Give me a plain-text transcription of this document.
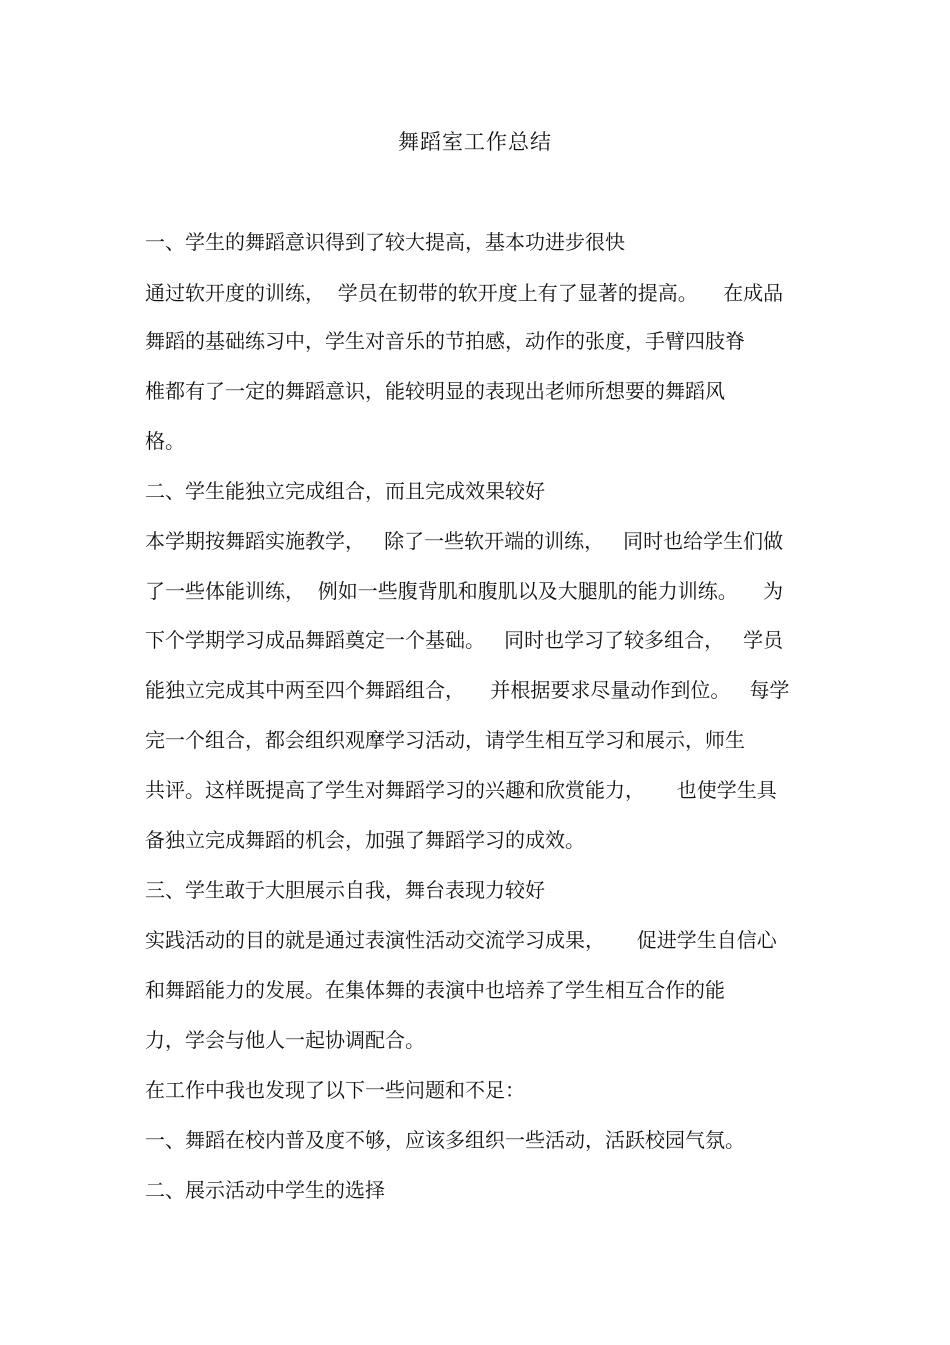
舞蹈室工作总结
一、学生的舞蹈意识得到了较大提高，基本功进步很快
通过软开度的训练，  学员在韧带的软开度上有了显著的提高。    在成品
舞蹈的基础练习中，学生对音乐的节拍感，动作的张度，手臂四肢脊
椎都有了一定的舞蹈意识，能较明显的表现出老师所想要的舞蹈风
格。
二、学生能独立完成组合，而且完成效果较好
本学期按舞蹈实施教学，   除了一些软开端的训练，   同时也给学生们做
了一些体能训练，  例如一些腹背肌和腹肌以及大腿肌的能力训练。    为
下个学期学习成品舞蹈奠定一个基础。   同时也学习了较多组合，   学员
能独立完成其中两至四个舞蹈组合，    并根据要求尽量动作到位。   每学
完一个组合，都会组织观摩学习活动，请学生相互学习和展示，师生
共评。这样既提高了学生对舞蹈学习的兴趣和欣赏能力，     也使学生具
备独立完成舞蹈的机会，加强了舞蹈学习的成效。
三、学生敢于大胆展示自我，舞台表现力较好
实践活动的目的就是通过表演性活动交流学习成果，     促进学生自信心
和舞蹈能力的发展。在集体舞的表演中也培养了学生相互合作的能
力，学会与他人一起协调配合。
在工作中我也发现了以下一些问题和不足：
一、舞蹈在校内普及度不够，应该多组织一些活动，活跃校园气氛。
二、展示活动中学生的选择
